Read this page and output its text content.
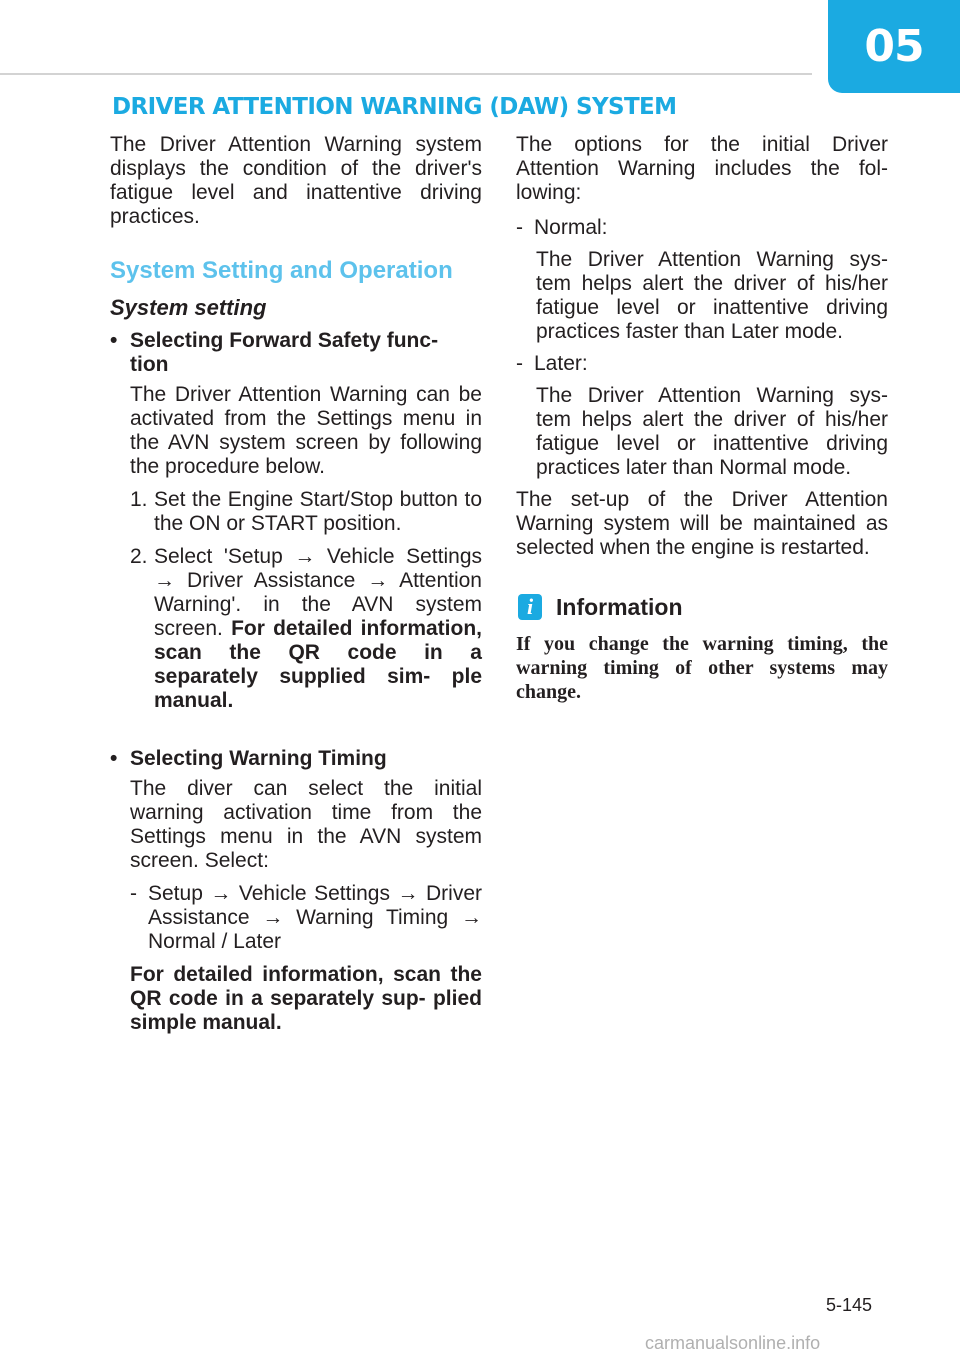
05
DRIVER ATTENTION WARNING (DAW) SYSTEM

The Driver Attention Warning system displays the condition of the driver's fatigue level and inattentive driving practices.

System Setting and Operation
System setting
• Selecting Forward Safety func- tion

The Driver Attention Warning can be activated from the Settings menu in the AVN system screen by following the procedure below.

1. Set the Engine Start/Stop button to the ON or START position.
2. Select 'Setup → Vehicle Settings → Driver Assistance → Attention Warning'. in the AVN system screen. For detailed information, scan the QR code in a separately supplied sim- ple manual.
• Selecting Warning Timing

The diver can select the initial warning activation time from the Settings menu in the AVN system screen. Select:

- Setup → Vehicle Settings → Driver Assistance → Warning Timing → Normal / Later

For detailed information, scan the QR code in a separately sup- plied simple manual.

The options for the initial Driver Attention Warning includes the fol- lowing:

- Normal:

The Driver Attention Warning sys- tem helps alert the driver of his/her fatigue level or inattentive driving practices faster than Later mode.

- Later:

The Driver Attention Warning sys- tem helps alert the driver of his/her fatigue level or inattentive driving practices later than Normal mode.

The set-up of the Driver Attention Warning system will be maintained as selected when the engine is restarted.

i Information

If you change the warning timing, the warning timing of other systems may change.

5-145
carmanualsonline.info
